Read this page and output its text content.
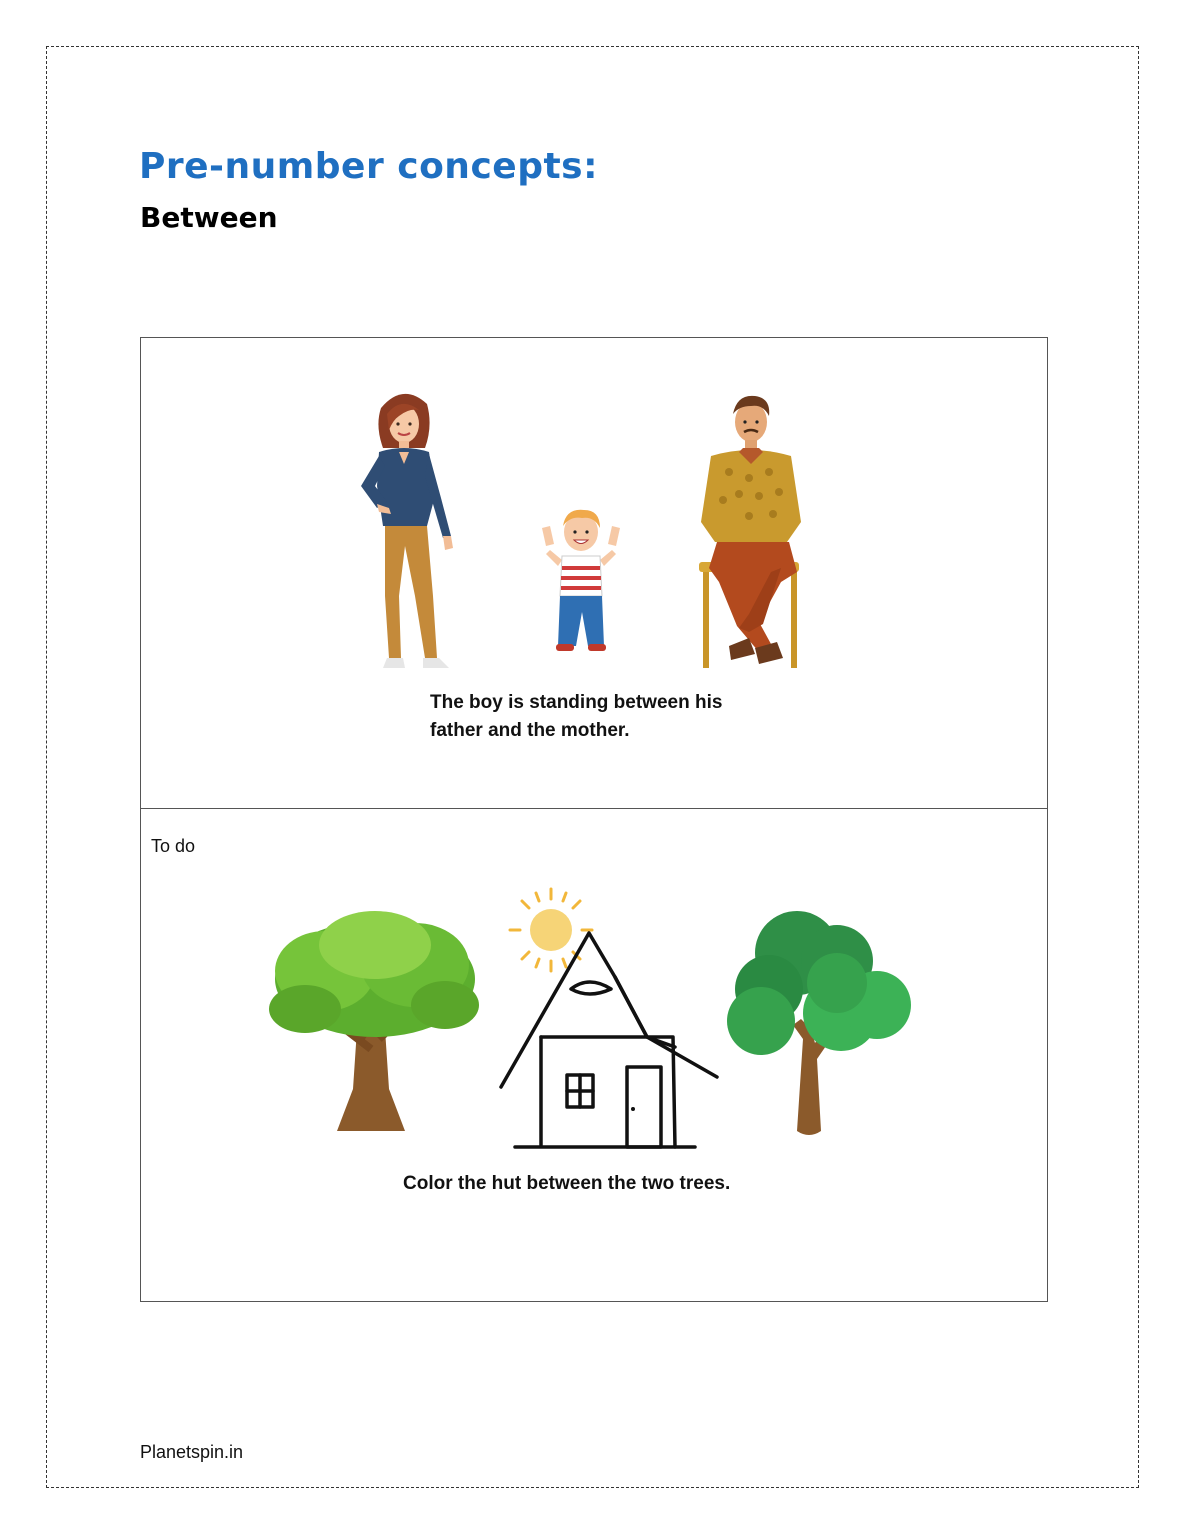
Pre-number concepts:
Between
The boy is standing between his
father and the mother.
To do
Color the hut between the two trees.
Planetspin.in
